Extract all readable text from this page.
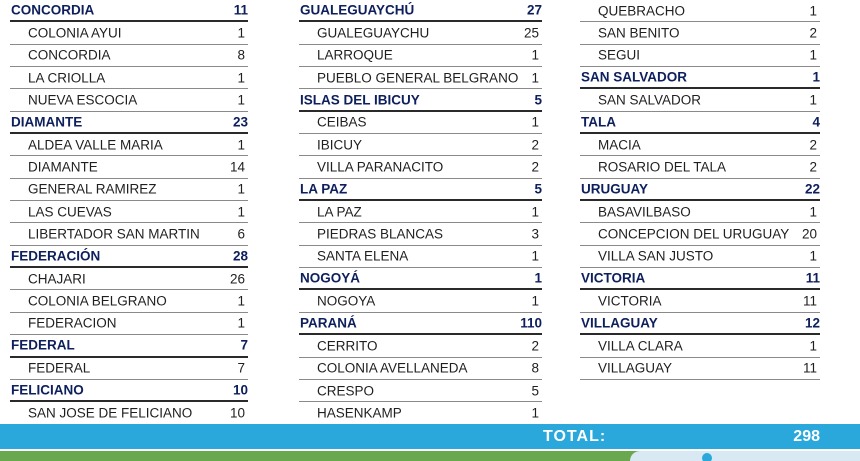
CONCORDIA	11
COLONIA AYUI	1
CONCORDIA	8
LA CRIOLLA	1
NUEVA ESCOCIA	1
DIAMANTE	23
ALDEA VALLE MARIA	1
DIAMANTE	14
GENERAL RAMIREZ	1
LAS CUEVAS	1
LIBERTADOR SAN MARTIN	6
FEDERACIÓN	28
CHAJARI	26
COLONIA BELGRANO	1
FEDERACION	1
FEDERAL	7
FEDERAL	7
FELICIANO	10
SAN JOSE DE FELICIANO	10
GUALEGUAYCHÚ	27
GUALEGUAYCHU	25
LARROQUE	1
PUEBLO GENERAL BELGRANO 1
ISLAS DEL IBICUY	5
CEIBAS	1
IBICUY	2
VILLA PARANACITO	2
LA PAZ	5
LA PAZ	1
PIEDRAS BLANCAS	3
SANTA ELENA	1
NOGOYÁ	1
NOGOYA	1
PARANÁ	110
CERRITO	2
COLONIA AVELLANEDA	8
CRESPO	5
HASENKAMP	1
QUEBRACHO	1
SAN BENITO	2
SEGUI	1
SAN SALVADOR	1
SAN SALVADOR	1
TALA	4
MACIA	2
ROSARIO DEL TALA	2
URUGUAY	22
BASAVILBASO	1
CONCEPCION DEL URUGUAY 20
VILLA SAN JUSTO	1
VICTORIA	11
VICTORIA	11
VILLAGUAY	12
VILLA CLARA	1
VILLAGUAY	11
TOTAL:	298
